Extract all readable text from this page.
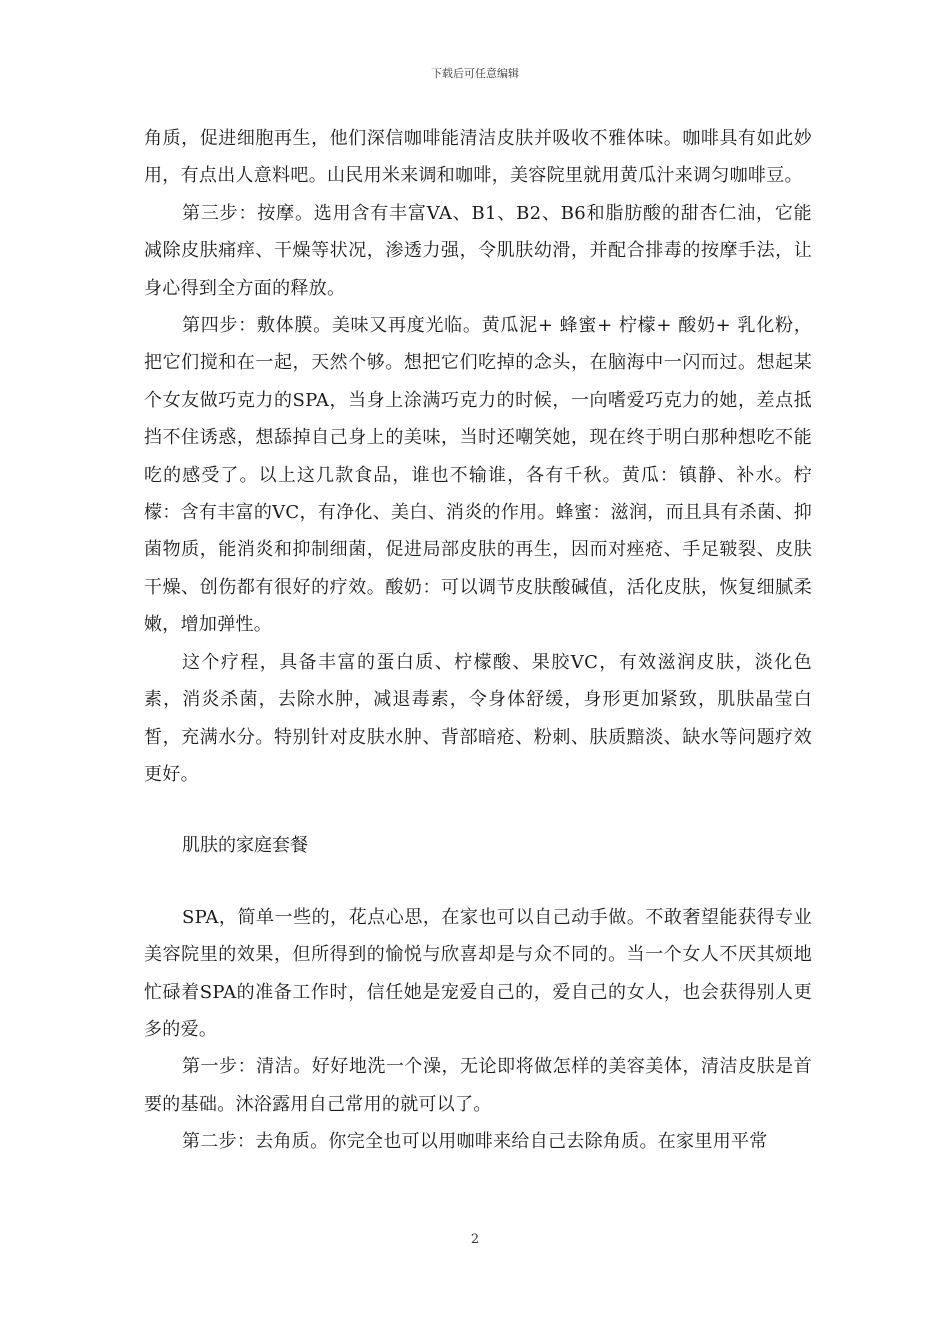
下载后可任意编辑

角质，促进细胞再生，他们深信咖啡能清洁皮肤并吸收不雅体味。咖啡具有如此妙用，有点出人意料吧。山民用米来调和咖啡，美容院里就用黄瓜汁来调匀咖啡豆。

第三步：按摩。选用含有丰富VA、B1、B2、B6和脂肪酸的甜杏仁油，它能减除皮肤痛痒、干燥等状况，渗透力强，令肌肤幼滑，并配合排毒的按摩手法，让身心得到全方面的释放。

第四步：敷体膜。美味又再度光临。黄瓜泥+ 蜂蜜+ 柠檬+ 酸奶+ 乳化粉，把它们搅和在一起，天然个够。想把它们吃掉的念头，在脑海中一闪而过。想起某个女友做巧克力的SPA，当身上涂满巧克力的时候，一向嗜爱巧克力的她，差点抵挡不住诱惑，想舔掉自己身上的美味，当时还嘲笑她，现在终于明白那种想吃不能吃的感受了。以上这几款食品，谁也不输谁，各有千秋。黄瓜：镇静、补水。柠檬：含有丰富的VC，有净化、美白、消炎的作用。蜂蜜：滋润，而且具有杀菌、抑菌物质，能消炎和抑制细菌，促进局部皮肤的再生，因而对痤疮、手足皲裂、皮肤干燥、创伤都有很好的疗效。酸奶：可以调节皮肤酸碱值，活化皮肤，恢复细腻柔嫩，增加弹性。

这个疗程，具备丰富的蛋白质、柠檬酸、果胶VC，有效滋润皮肤，淡化色素，消炎杀菌，去除水肿，减退毒素，令身体舒缓，身形更加紧致，肌肤晶莹白皙，充满水分。特别针对皮肤水肿、背部暗疮、粉刺、肤质黯淡、缺水等问题疗效更好。

肌肤的家庭套餐

SPA，简单一些的，花点心思，在家也可以自己动手做。不敢奢望能获得专业美容院里的效果，但所得到的愉悦与欣喜却是与众不同的。当一个女人不厌其烦地忙碌着SPA的准备工作时，信任她是宠爱自己的，爱自己的女人，也会获得别人更多的爱。

第一步：清洁。好好地洗一个澡，无论即将做怎样的美容美体，清洁皮肤是首要的基础。沐浴露用自己常用的就可以了。

第二步：去角质。你完全也可以用咖啡来给自己去除角质。在家里用平常

2
